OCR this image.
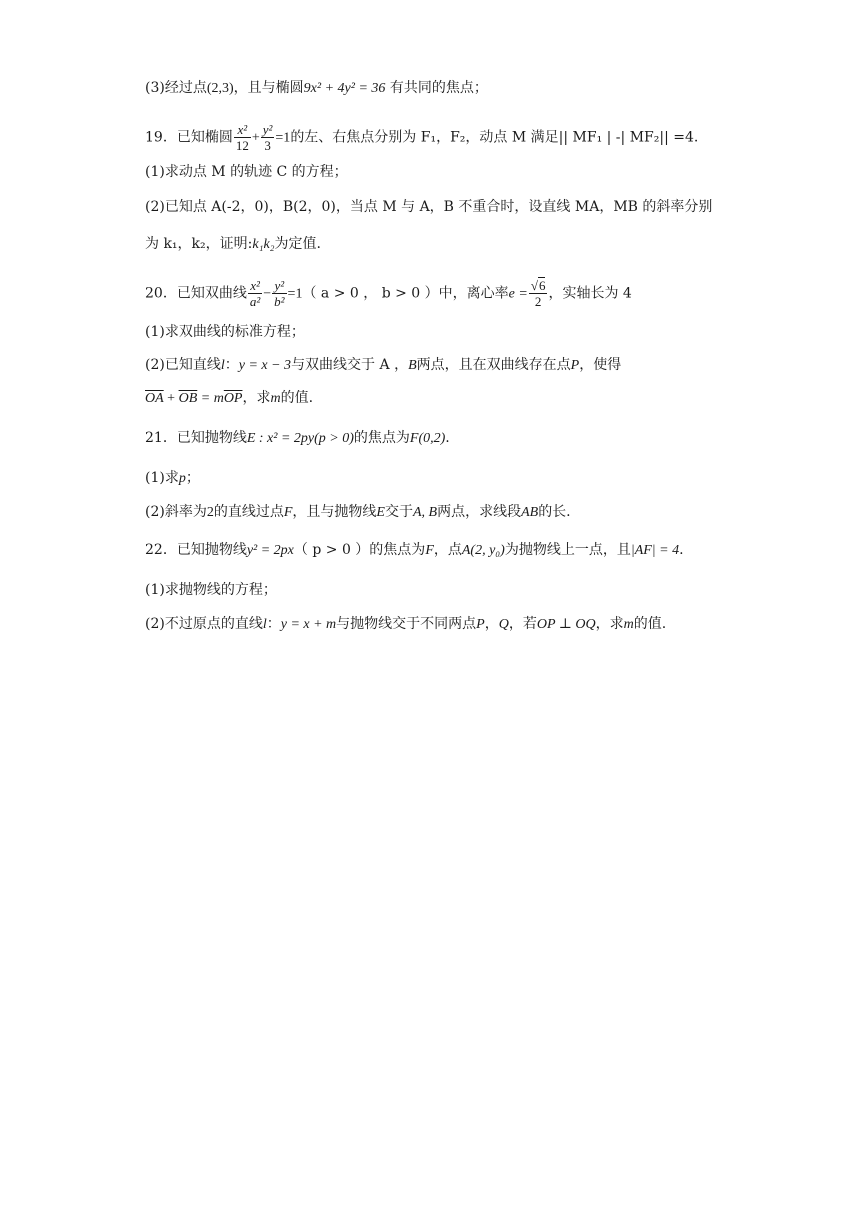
(3)经过点(2,3)，且与椭圆9x² + 4y² = 36 有共同的焦点；
19．已知椭圆 $\frac{\text{x²}}{12} + \frac{\text{y²}}{3} =1$的左、右焦点分别为 F₁，F₂，动点 M 满足|| MF₁ | -| MF₂|| =4.
(1)求动点 M 的轨迹 C 的方程；
(2)已知点 A(-2，0)，B(2，0)，当点 M 与 A，B 不重合时，设直线 MA，MB 的斜率分别
为 k₁，k₂，证明:k₁k₂为定值.
20．已知双曲线 $\frac{\text{x²}}{\text{a²}} - \frac{\text{y²}}{\text{b²}} =1$（ a > 0 ， b > 0 ）中，离心率$e = \frac{√6}{2}$ ，实轴长为 4
(1)求双曲线的标准方程；
(2)已知直线l：y = x − 3与双曲线交于 A ，B两点，且在双曲线存在点P，使得
$\overline{OA} + \overline{OB} = m\overline{OP}$，求m的值.
21．已知抛物线E : x² = 2py(p > 0)的焦点为F(0,2).
(1)求p；
(2)斜率为2的直线过点F，且与抛物线E交于A, B两点，求线段AB的长.
22．已知抛物线y² = 2px（ p > 0 ）的焦点为F，点A(2, y₀)为抛物线上一点，且|AF| = 4.
(1)求抛物线的方程；
(2)不过原点的直线l：y = x + m与抛物线交于不同两点P，Q，若OP ⊥ OQ，求m的值.
